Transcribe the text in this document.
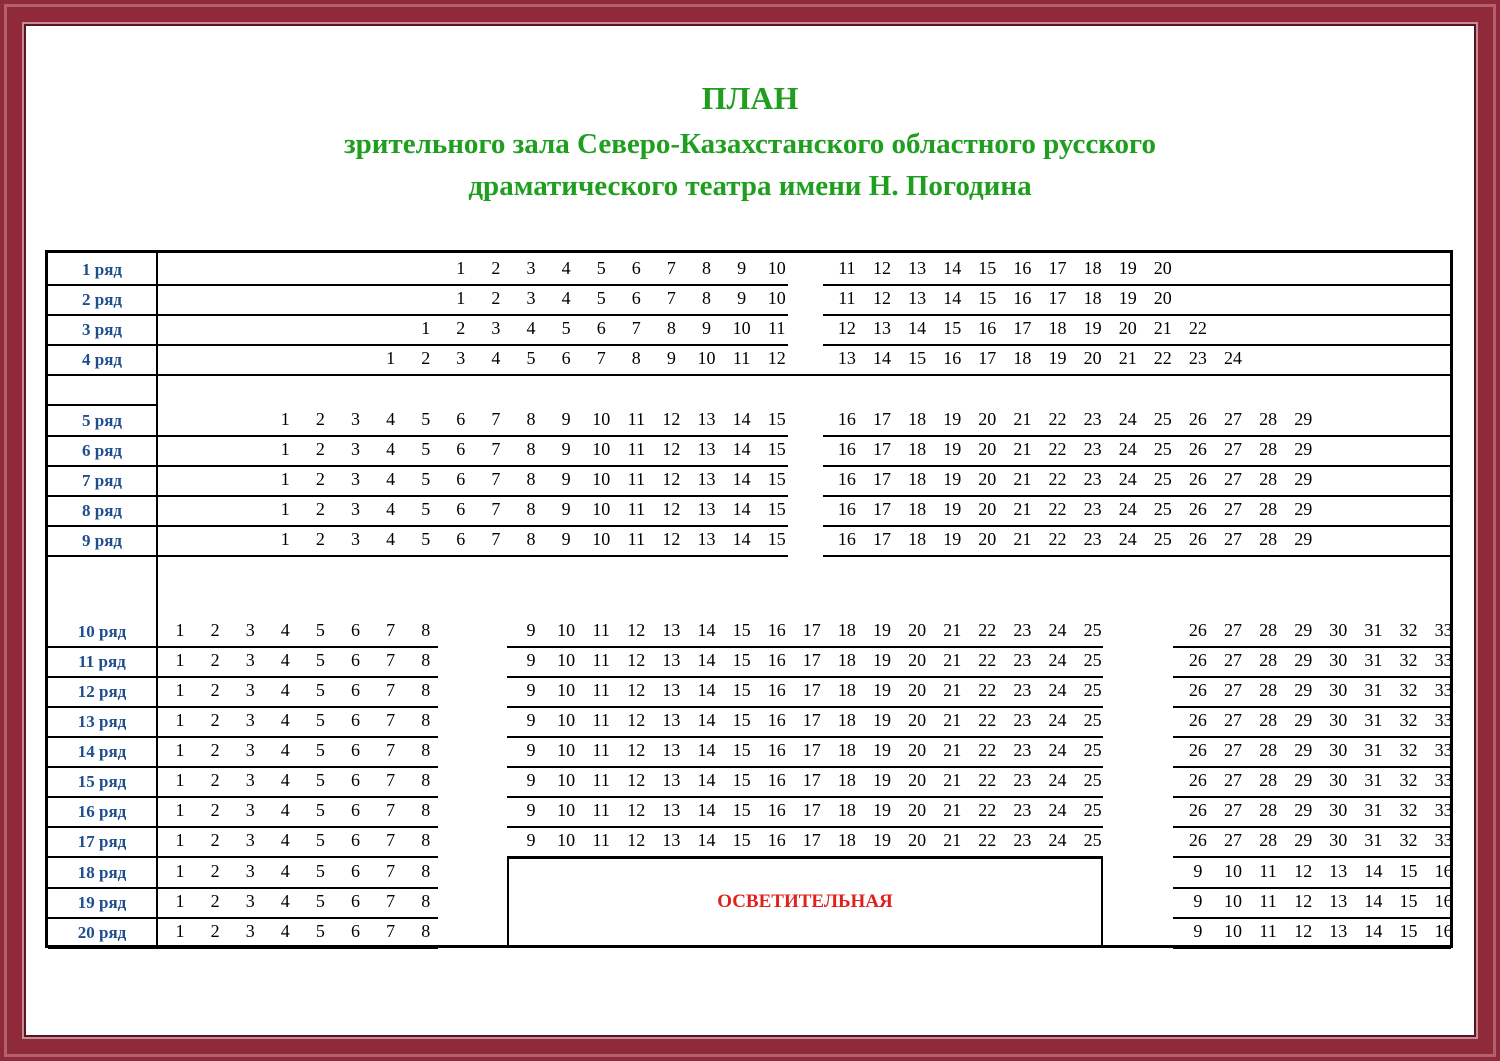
ПЛАН
зрительного зала Северо-Казахстанского областного русского
драматического театра имени Н. Погодина
ОСВЕТИТЕЛЬНАЯ
1 ряд	1	2	3	4	5	6	7	8	9	10	11 12 13 14 15 16 17 18 19 20
2 ряд	1	2	3	4	5	6	7	8	9	10	11 12 13 14 15 16 17 18 19 20
3 ряд	1	2	3	4	5	6	7	8	9	10 11	12 13 14 15 16 17 18 19 20 21 22
4 ряд	1	2	3	4	5	6	7	8	9	10 11 12	13 14 15 16 17 18 19 20 21 22 23 24
5 ряд	1	2	3	4	5	6	7	8	9	10 11 12 13 14 15	16 17 18 19 20 21 22 23 24 25 26 27 28 29
6 ряд	1	2	3	4	5	6	7	8	9	10 11 12 13 14 15	16 17 18 19 20 21 22 23 24 25 26 27 28 29
7 ряд	1	2	3	4	5	6	7	8	9	10 11 12 13 14 15	16 17 18 19 20 21 22 23 24 25 26 27 28 29
8 ряд	1	2	3	4	5	6	7	8	9	10 11 12 13 14 15	16 17 18 19 20 21 22 23 24 25 26 27 28 29
9 ряд	1	2	3	4	5	6	7	8	9	10 11 12 13 14 15	16 17 18 19 20 21 22 23 24 25 26 27 28 29
10 ряд	1	2	3	4	5	6	7	8	9	10 11 12 13 14 15 16 17 18 19 20 21 22 23 24 25	26 27 28 29 30 31 32 33
11 ряд	1	2	3	4	5	6	7	8	9	10 11 12 13 14 15 16 17 18 19 20 21 22 23 24 25	26 27 28 29 30 31 32 33
12 ряд	1	2	3	4	5	6	7	8	9	10 11 12 13 14 15 16 17 18 19 20 21 22 23 24 25	26 27 28 29 30 31 32 33
13 ряд	1	2	3	4	5	6	7	8	9	10 11 12 13 14 15 16 17 18 19 20 21 22 23 24 25	26 27 28 29 30 31 32 33
14 ряд	1	2	3	4	5	6	7	8	9	10 11 12 13 14 15 16 17 18 19 20 21 22 23 24 25	26 27 28 29 30 31 32 33
15 ряд	1	2	3	4	5	6	7	8	9	10 11 12 13 14 15 16 17 18 19 20 21 22 23 24 25	26 27 28 29 30 31 32 33
16 ряд	1	2	3	4	5	6	7	8	9	10 11 12 13 14 15 16 17 18 19 20 21 22 23 24 25	26 27 28 29 30 31 32 33
17 ряд	1	2	3	4	5	6	7	8	9	10 11 12 13 14 15 16 17 18 19 20 21 22 23 24 25	26 27 28 29 30 31 32 33
18 ряд	1	2	3	4	5	6	7	8	9	10 11 12 13 14 15 16
19 ряд	1	2	3	4	5	6	7	8	9	10 11 12 13 14 15 16
20 ряд	1	2	3	4	5	6	7	8	9	10 11 12 13 14 15 16
